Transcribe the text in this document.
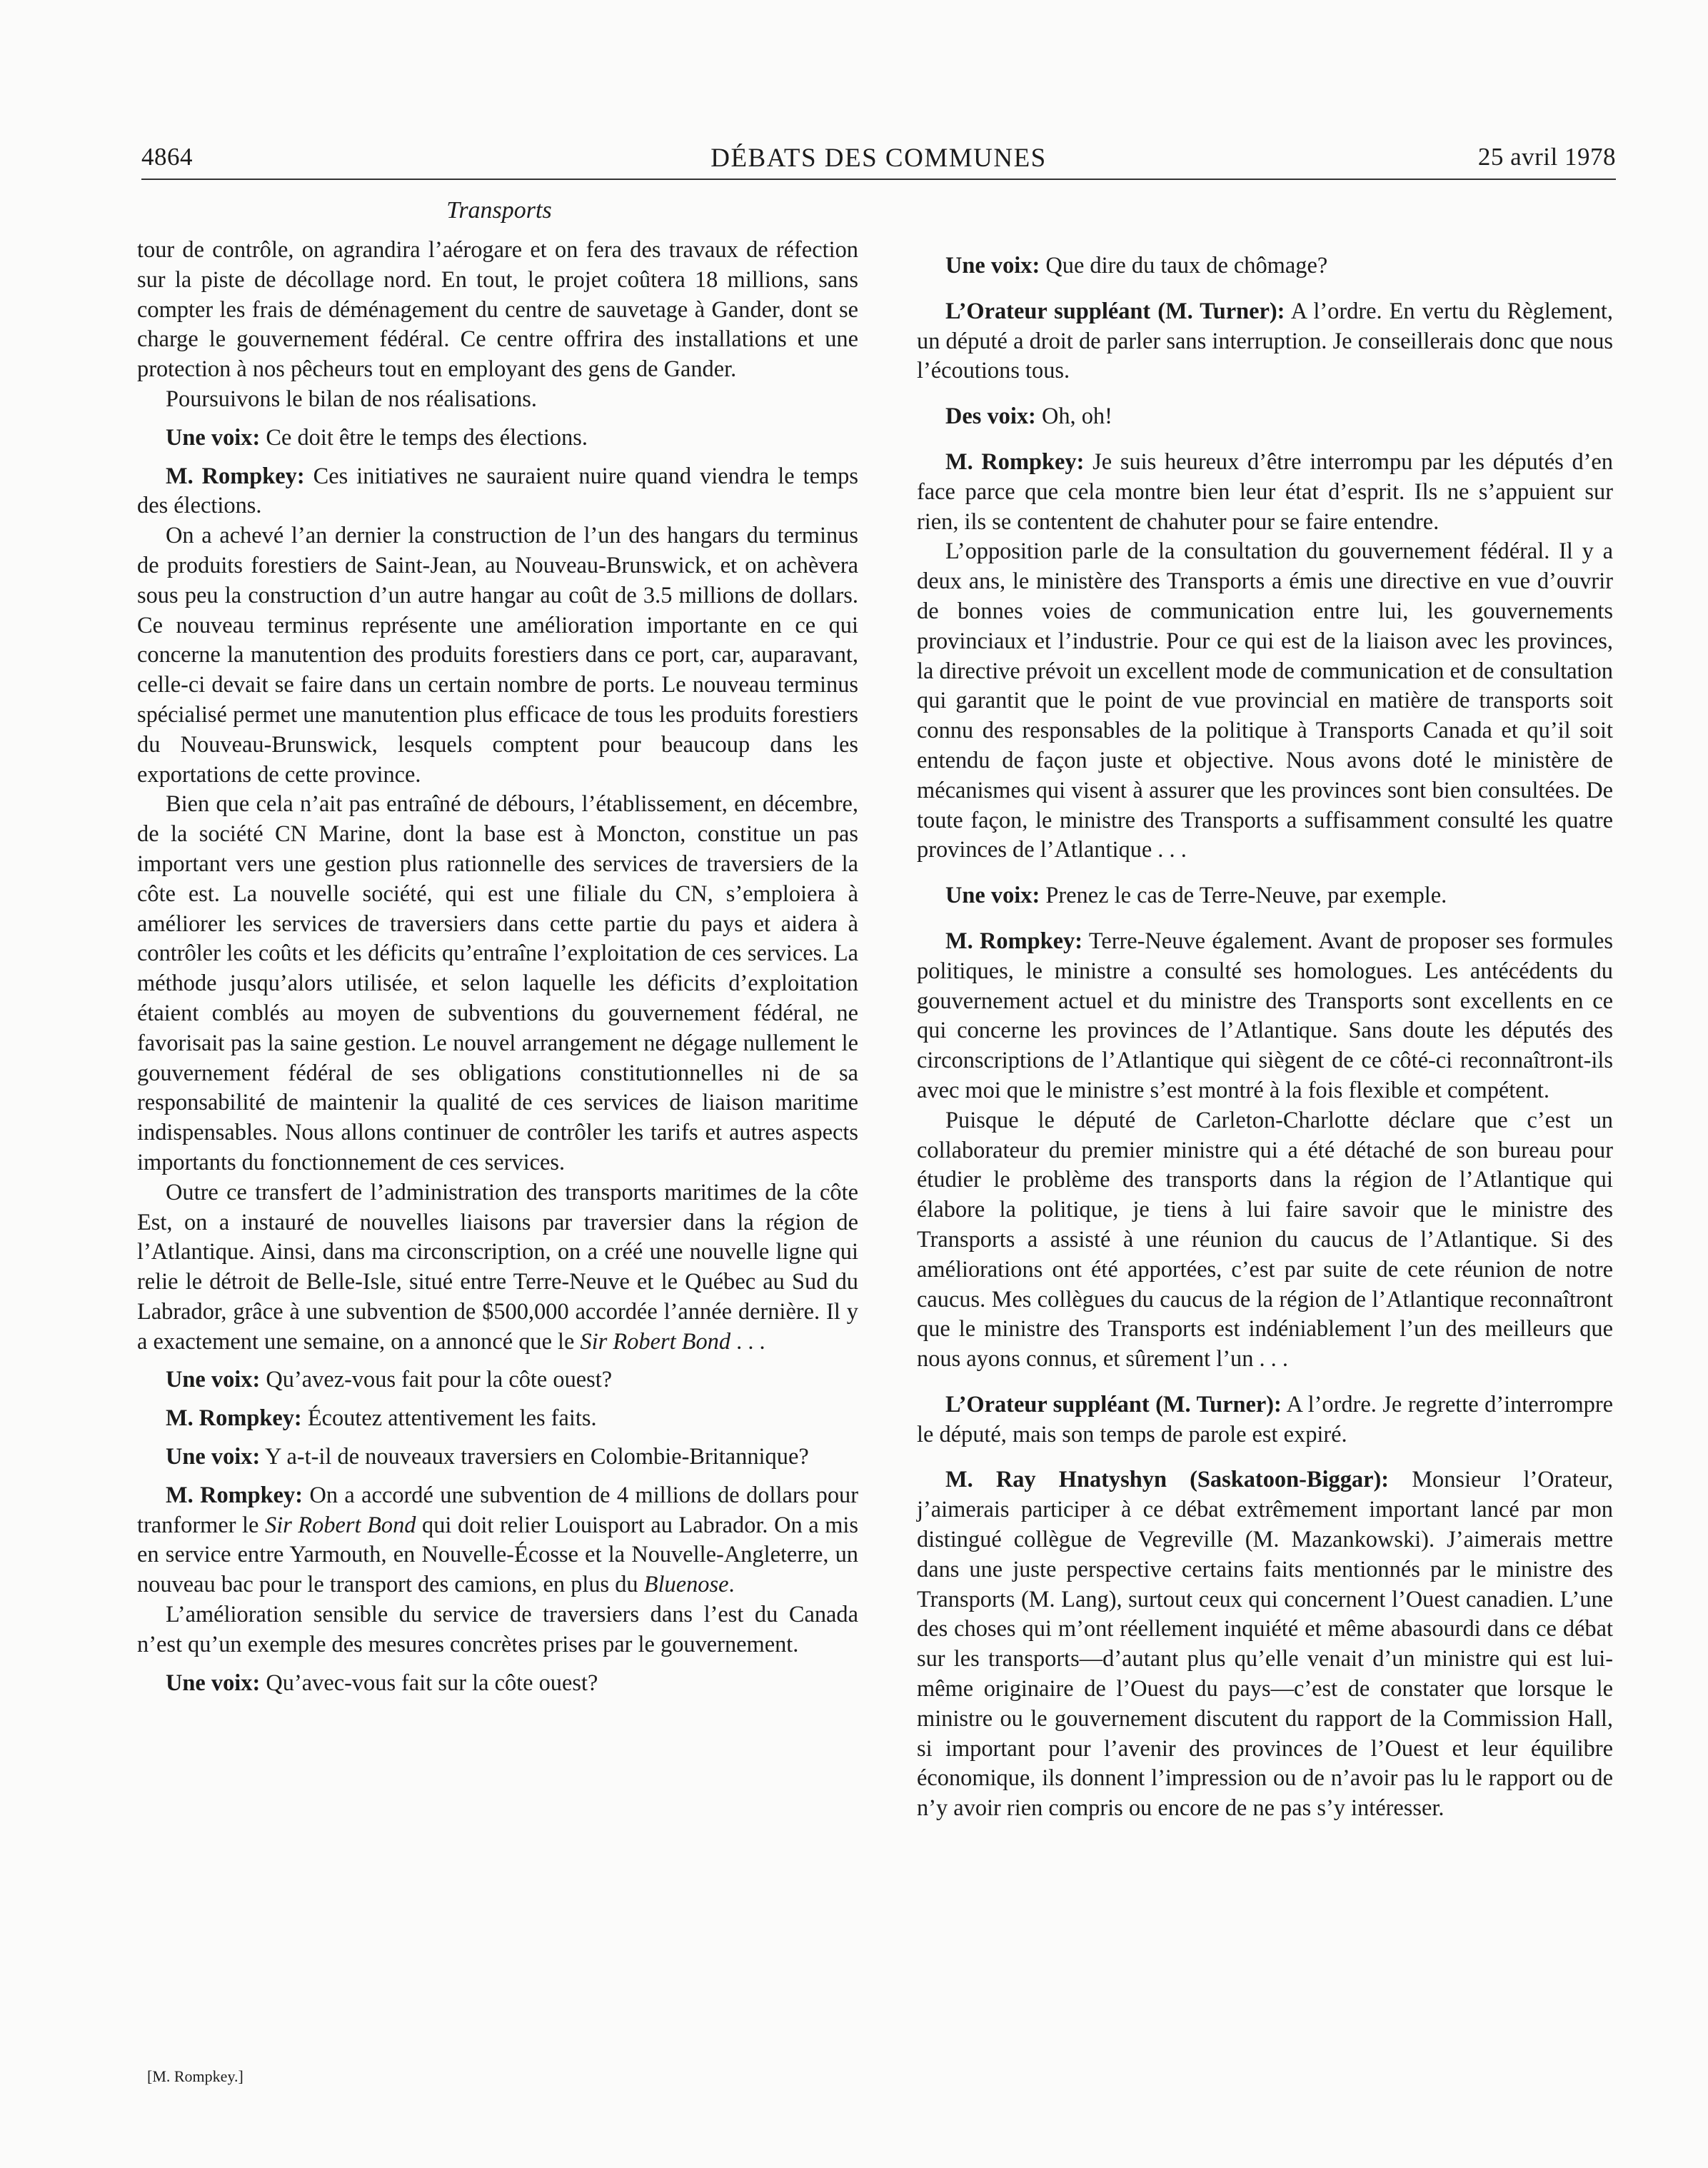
4864	DÉBATS DES COMMUNES	25 avril 1978
Transports

tour de contrôle, on agrandira l’aérogare et on fera des travaux de réfection sur la piste de décollage nord. En tout, le projet coûtera 18 millions, sans compter les frais de déménagement du centre de sauvetage à Gander, dont se charge le gouvernement fédéral. Ce centre offrira des installations et une protection à nos pêcheurs tout en employant des gens de Gander.

Poursuivons le bilan de nos réalisations.

Une voix: Ce doit être le temps des élections.

M. Rompkey: Ces initiatives ne sauraient nuire quand viendra le temps des élections.

On a achevé l’an dernier la construction de l’un des hangars du terminus de produits forestiers de Saint-Jean, au Nouveau-Brunswick, et on achèvera sous peu la construction d’un autre hangar au coût de 3.5 millions de dollars. Ce nouveau terminus représente une amélioration importante en ce qui concerne la manutention des produits forestiers dans ce port, car, auparavant, celle-ci devait se faire dans un certain nombre de ports. Le nouveau terminus spécialisé permet une manutention plus efficace de tous les produits forestiers du Nouveau-Brunswick, lesquels comptent pour beaucoup dans les exportations de cette province.

Bien que cela n’ait pas entraîné de débours, l’établissement, en décembre, de la société CN Marine, dont la base est à Moncton, constitue un pas important vers une gestion plus rationnelle des services de traversiers de la côte est. La nouvelle société, qui est une filiale du CN, s’emploiera à améliorer les services de traversiers dans cette partie du pays et aidera à contrôler les coûts et les déficits qu’entraîne l’exploitation de ces services. La méthode jusqu’alors utilisée, et selon laquelle les déficits d’exploitation étaient comblés au moyen de subventions du gouvernement fédéral, ne favorisait pas la saine gestion. Le nouvel arrangement ne dégage nullement le gouvernement fédéral de ses obligations constitutionnelles ni de sa responsabilité de maintenir la qualité de ces services de liaison maritime indispensables. Nous allons continuer de contrôler les tarifs et autres aspects importants du fonctionnement de ces services.

Outre ce transfert de l’administration des transports maritimes de la côte Est, on a instauré de nouvelles liaisons par traversier dans la région de l’Atlantique. Ainsi, dans ma circonscription, on a créé une nouvelle ligne qui relie le détroit de Belle-Isle, situé entre Terre-Neuve et le Québec au Sud du Labrador, grâce à une subvention de $500,000 accordée l’année dernière. Il y a exactement une semaine, on a annoncé que le Sir Robert Bond . . .

Une voix: Qu’avez-vous fait pour la côte ouest?

M. Rompkey: Écoutez attentivement les faits.

Une voix: Y a-t-il de nouveaux traversiers en Colombie-Britannique?

M. Rompkey: On a accordé une subvention de 4 millions de dollars pour tranformer le Sir Robert Bond qui doit relier Louisport au Labrador. On a mis en service entre Yarmouth, en Nouvelle-Écosse et la Nouvelle-Angleterre, un nouveau bac pour le transport des camions, en plus du Bluenose.

L’amélioration sensible du service de traversiers dans l’est du Canada n’est qu’un exemple des mesures concrètes prises par le gouvernement.

Une voix: Qu’avec-vous fait sur la côte ouest?

Une voix: Que dire du taux de chômage?

L’Orateur suppléant (M. Turner): A l’ordre. En vertu du Règlement, un député a droit de parler sans interruption. Je conseillerais donc que nous l’écoutions tous.

Des voix: Oh, oh!

M. Rompkey: Je suis heureux d’être interrompu par les députés d’en face parce que cela montre bien leur état d’esprit. Ils ne s’appuient sur rien, ils se contentent de chahuter pour se faire entendre.

L’opposition parle de la consultation du gouvernement fédéral. Il y a deux ans, le ministère des Transports a émis une directive en vue d’ouvrir de bonnes voies de communication entre lui, les gouvernements provinciaux et l’industrie. Pour ce qui est de la liaison avec les provinces, la directive prévoit un excellent mode de communication et de consultation qui garantit que le point de vue provincial en matière de transports soit connu des responsables de la politique à Transports Canada et qu’il soit entendu de façon juste et objective. Nous avons doté le ministère de mécanismes qui visent à assurer que les provinces sont bien consultées. De toute façon, le ministre des Transports a suffisamment consulté les quatre provinces de l’Atlantique . . .

Une voix: Prenez le cas de Terre-Neuve, par exemple.

M. Rompkey: Terre-Neuve également. Avant de proposer ses formules politiques, le ministre a consulté ses homologues. Les antécédents du gouvernement actuel et du ministre des Transports sont excellents en ce qui concerne les provinces de l’Atlantique. Sans doute les députés des circonscriptions de l’Atlantique qui siègent de ce côté-ci reconnaîtront-ils avec moi que le ministre s’est montré à la fois flexible et compétent.

Puisque le député de Carleton-Charlotte déclare que c’est un collaborateur du premier ministre qui a été détaché de son bureau pour étudier le problème des transports dans la région de l’Atlantique qui élabore la politique, je tiens à lui faire savoir que le ministre des Transports a assisté à une réunion du caucus de l’Atlantique. Si des améliorations ont été apportées, c’est par suite de cete réunion de notre caucus. Mes collègues du caucus de la région de l’Atlantique reconnaîtront que le ministre des Transports est indéniablement l’un des meilleurs que nous ayons connus, et sûrement l’un . . .

L’Orateur suppléant (M. Turner): A l’ordre. Je regrette d’interrompre le député, mais son temps de parole est expiré.

M. Ray Hnatyshyn (Saskatoon-Biggar): Monsieur l’Orateur, j’aimerais participer à ce débat extrêmement important lancé par mon distingué collègue de Vegreville (M. Mazankowski). J’aimerais mettre dans une juste perspective certains faits mentionnés par le ministre des Transports (M. Lang), surtout ceux qui concernent l’Ouest canadien. L’une des choses qui m’ont réellement inquiété et même abasourdi dans ce débat sur les transports—d’autant plus qu’elle venait d’un ministre qui est lui-même originaire de l’Ouest du pays—c’est de constater que lorsque le ministre ou le gouvernement discutent du rapport de la Commission Hall, si important pour l’avenir des provinces de l’Ouest et leur équilibre économique, ils donnent l’impression ou de n’avoir pas lu le rapport ou de n’y avoir rien compris ou encore de ne pas s’y intéresser.

[M. Rompkey.]
